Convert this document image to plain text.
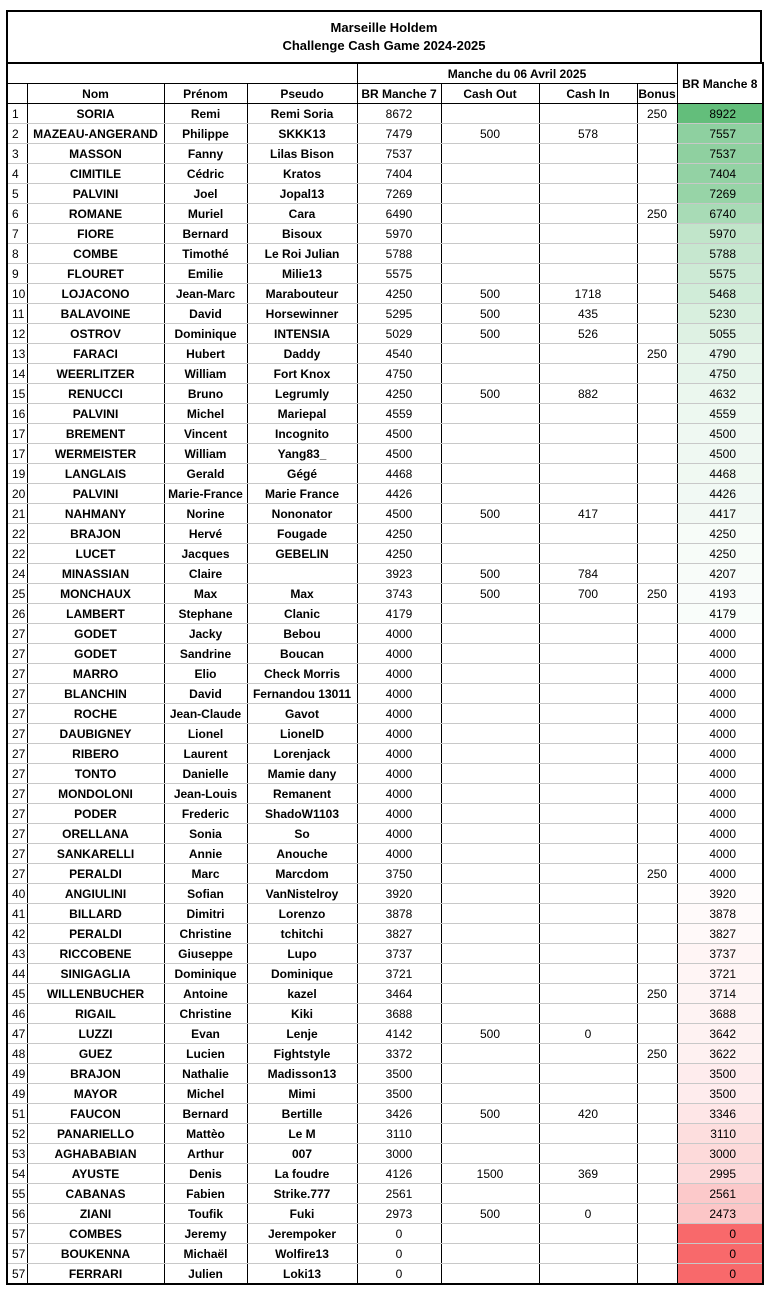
Marseille Holdem
Challenge Cash Game 2024-2025
				Manche du 06 Avril 2025				BR Manche 8
	Nom	Prénom	Pseudo	BR Manche 7	Cash Out	Cash In	Bonus	
1	SORIA	Remi	Remi Soria	8672			250	8922
2	MAZEAU-ANGERAND	Philippe	SKKK13	7479	500	578		7557
3	MASSON	Fanny	Lilas Bison	7537				7537
4	CIMITILE	Cédric	Kratos	7404				7404
5	PALVINI	Joel	Jopal13	7269				7269
6	ROMANE	Muriel	Cara	6490			250	6740
7	FIORE	Bernard	Bisoux	5970				5970
8	COMBE	Timothé	Le Roi Julian	5788				5788
9	FLOURET	Emilie	Milie13	5575				5575
10	LOJACONO	Jean-Marc	Marabouteur	4250	500	1718		5468
11	BALAVOINE	David	Horsewinner	5295	500	435		5230
12	OSTROV	Dominique	INTENSIA	5029	500	526		5055
13	FARACI	Hubert	Daddy	4540			250	4790
14	WEERLITZER	William	Fort Knox	4750				4750
15	RENUCCI	Bruno	Legrumly	4250	500	882		4632
16	PALVINI	Michel	Mariepal	4559				4559
17	BREMENT	Vincent	Incognito	4500				4500
17	WERMEISTER	William	Yang83_	4500				4500
19	LANGLAIS	Gerald	Gégé	4468				4468
20	PALVINI	Marie-France	Marie France	4426				4426
21	NAHMANY	Norine	Nononator	4500	500	417		4417
22	BRAJON	Hervé	Fougade	4250				4250
22	LUCET	Jacques	GEBELIN	4250				4250
24	MINASSIAN	Claire		3923	500	784		4207
25	MONCHAUX	Max	Max	3743	500	700	250	4193
26	LAMBERT	Stephane	Clanic	4179				4179
27	GODET	Jacky	Bebou	4000				4000
27	GODET	Sandrine	Boucan	4000				4000
27	MARRO	Elio	Check Morris	4000				4000
27	BLANCHIN	David	Fernandou 13011	4000				4000
27	ROCHE	Jean-Claude	Gavot	4000				4000
27	DAUBIGNEY	Lionel	LionelD	4000				4000
27	RIBERO	Laurent	Lorenjack	4000				4000
27	TONTO	Danielle	Mamie dany	4000				4000
27	MONDOLONI	Jean-Louis	Remanent	4000				4000
27	PODER	Frederic	ShadoW1103	4000				4000
27	ORELLANA	Sonia	So	4000				4000
27	SANKARELLI	Annie	Anouche	4000				4000
27	PERALDI	Marc	Marcdom	3750			250	4000
40	ANGIULINI	Sofian	VanNistelroy	3920				3920
41	BILLARD	Dimitri	Lorenzo	3878				3878
42	PERALDI	Christine	tchitchi	3827				3827
43	RICCOBENE	Giuseppe	Lupo	3737				3737
44	SINIGAGLIA	Dominique	Dominique	3721				3721
45	WILLENBUCHER	Antoine	kazel	3464			250	3714
46	RIGAIL	Christine	Kiki	3688				3688
47	LUZZI	Evan	Lenje	4142	500	0		3642
48	GUEZ	Lucien	Fightstyle	3372			250	3622
49	BRAJON	Nathalie	Madisson13	3500				3500
49	MAYOR	Michel	Mimi	3500				3500
51	FAUCON	Bernard	Bertille	3426	500	420		3346
52	PANARIELLO	Mattèo	Le M	3110				3110
53	AGHABABIAN	Arthur	007	3000				3000
54	AYUSTE	Denis	La foudre	4126	1500	369		2995
55	CABANAS	Fabien	Strike.777	2561				2561
56	ZIANI	Toufik	Fuki	2973	500	0		2473
57	COMBES	Jeremy	Jerempoker	0				0
57	BOUKENNA	Michaël	Wolfire13	0				0
57	FERRARI	Julien	Loki13	0				0
